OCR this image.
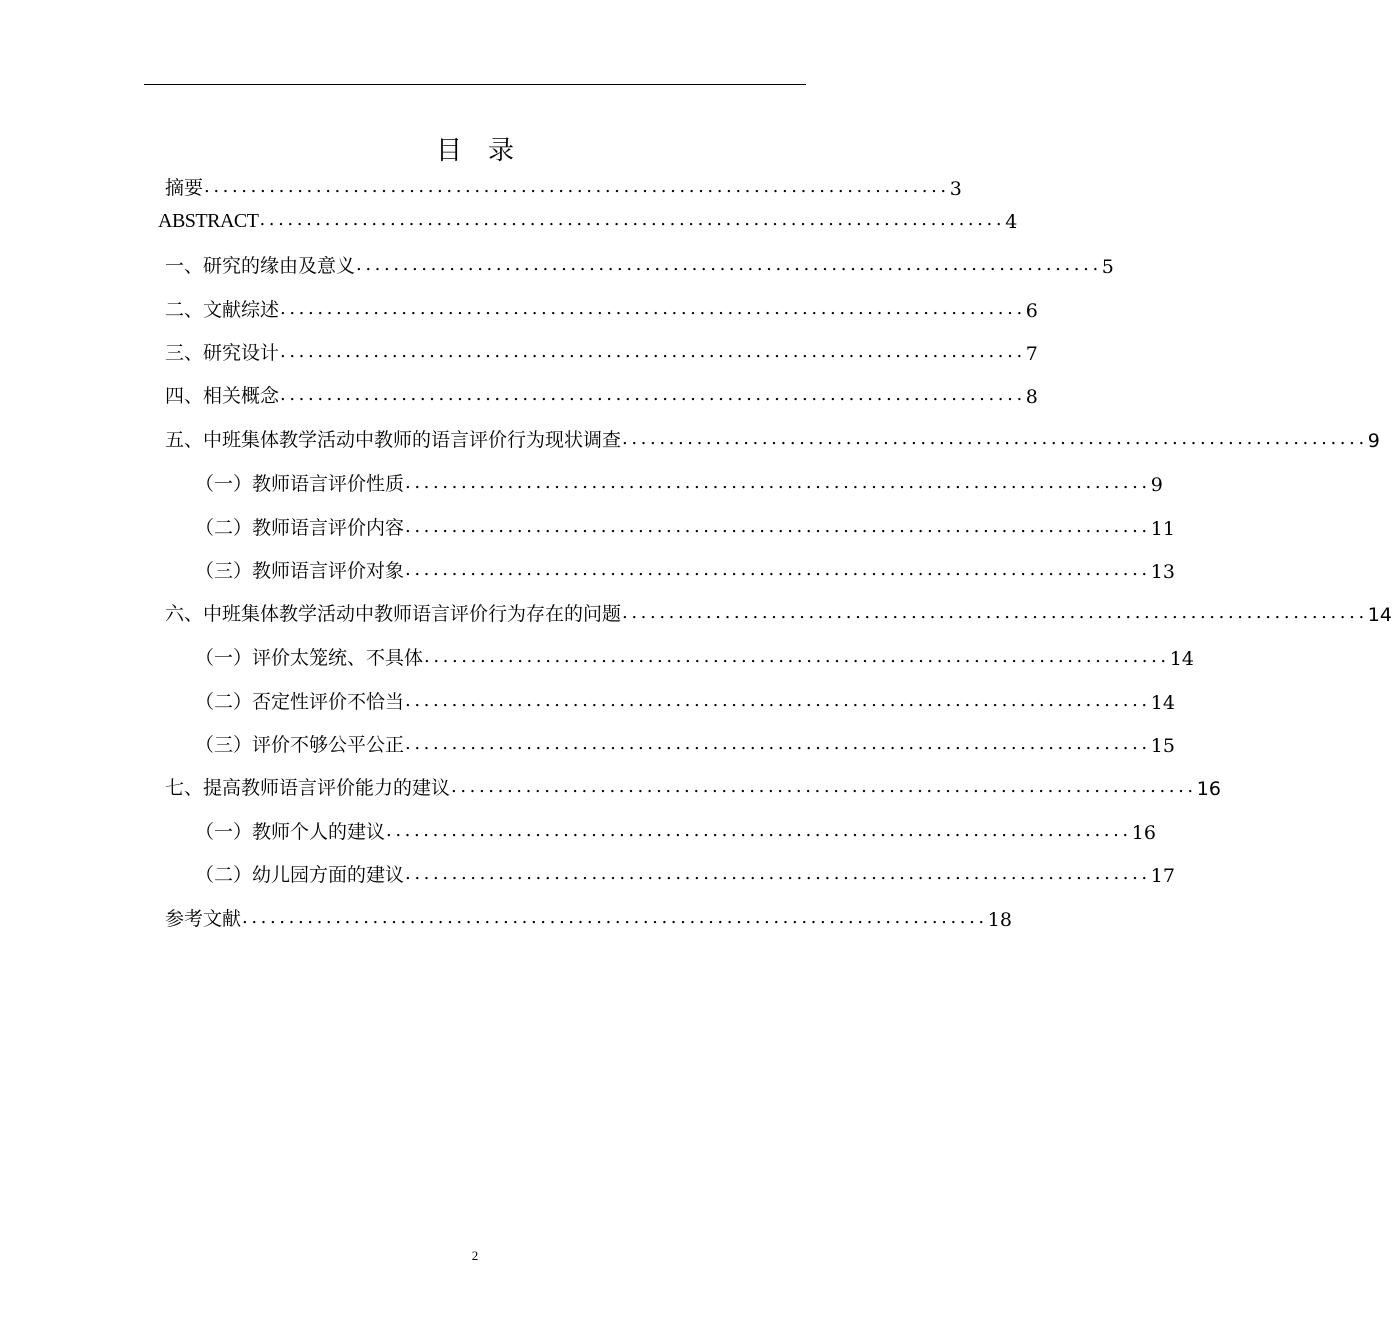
目　录
摘要 ................................................................................ 3
ABSTRACT ................................................................................ 4
一、 研究的缘由及意义 ................................................................................ 5
二、 文献综述 ................................................................................ 6
三、 研究设计 ................................................................................ 7
四、 相关概念 ................................................................................ 8
五、 中班集体教学活动中教师的语言评价行为现状调查 ................................................................................ 9
（一）教师语言评价性质 ................................................................................ 9
（二）教师语言评价内容 ................................................................................ 11
（三）教师语言评价对象 ................................................................................ 13
六、 中班集体教学活动中教师语言评价行为存在的问题 ................................................................................ 14
（一）评价太笼统、不具体 ................................................................................ 14
（二）否定性评价不恰当 ................................................................................ 14
（三）评价不够公平公正 ................................................................................ 15
七、提高教师语言评价能力的建议 ................................................................................ 16
（一）教师个人的建议 ................................................................................ 16
（二）幼儿园方面的建议 ................................................................................ 17
参考文献 ................................................................................ 18
2
